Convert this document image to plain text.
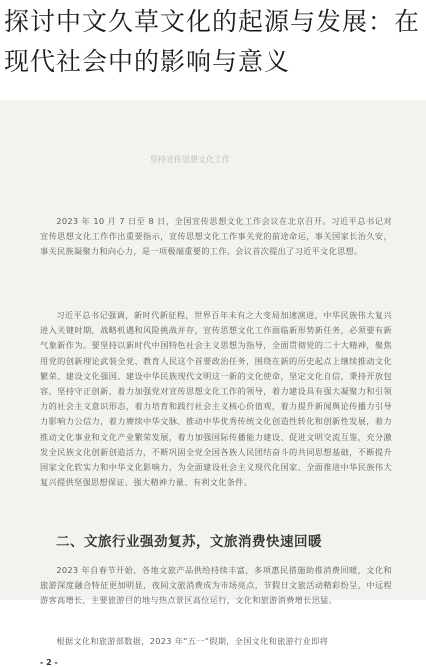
探讨中文久草文化的起源与发展：在现代社会中的影响与意义
坚持宣传思想文化工作

2023 年 10 月 7 日至 8 日，全国宣传思想文化工作会议在北京召开。习近平总书记对宣传思想文化工作作出重要指示，宣传思想文化工作事关党的前途命运，事关国家长治久安，事关民族凝聚力和向心力，是一项极端重要的工作。会议首次提出了习近平文化思想。

习近平总书记强调，新时代新征程，世界百年未有之大变局加速演进，中华民族伟大复兴进入关键时期，战略机遇和风险挑战并存，宣传思想文化工作面临新形势新任务，必须要有新气象新作为。要坚持以新时代中国特色社会主义思想为指导，全面贯彻党的二十大精神，聚焦用党的创新理论武装全党、教育人民这个首要政治任务，围绕在新的历史起点上继续推动文化繁荣、建设文化强国、建设中华民族现代文明这一新的文化使命，坚定文化自信，秉持开放包容，坚持守正创新，着力加强党对宣传思想文化工作的领导，着力建设具有强大凝聚力和引领力的社会主义意识形态，着力培育和践行社会主义核心价值观，着力提升新闻舆论传播力引导力影响力公信力，着力赓续中华文脉、推动中华优秀传统文化创造性转化和创新性发展，着力推动文化事业和文化产业繁荣发展，着力加强国际传播能力建设、促进文明交流互鉴，充分激发全民族文化创新创造活力，不断巩固全党全国各族人民团结奋斗的共同思想基础，不断提升国家文化软实力和中华文化影响力，为全面建设社会主义现代化国家、全面推进中华民族伟大复兴提供坚强思想保证、强大精神力量、有利文化条件。

二、文旅行业强劲复苏，文旅消费快速回暖

2023 年自春节开始，各地文旅产品供给持续丰富，多项惠民措施助推消费回暖，文化和旅游深度融合特征更加明显，夜间文旅消费成为市场亮点，节假日文旅活动精彩纷呈，中远程游客高增长，主要旅游目的地与热点景区高位运行，文化和旅游消费增长迅猛。

根据文化和旅游部数据，2023 年“五一”假期，全国文化和旅游行业即将

- 2 -
